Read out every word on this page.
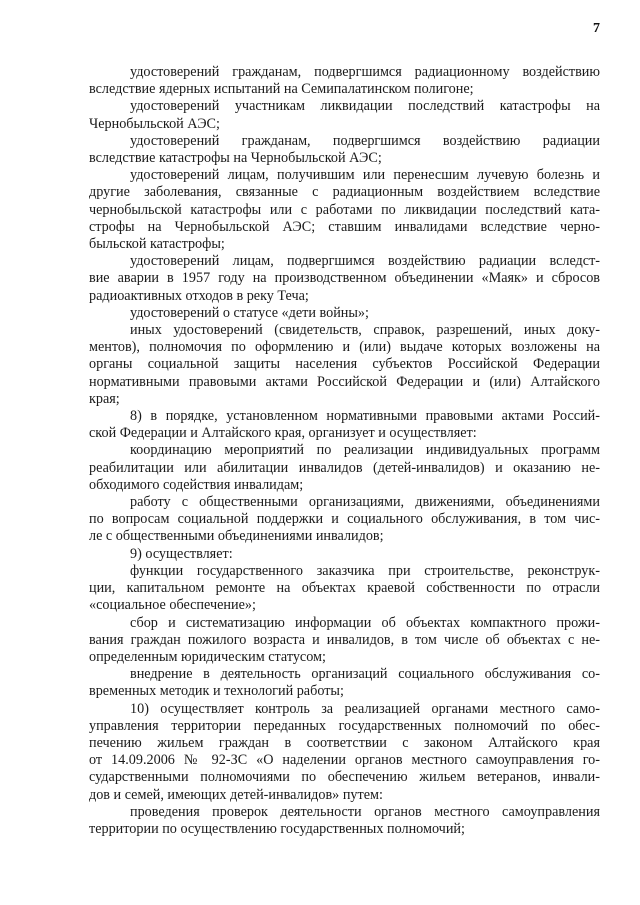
7
удостоверений гражданам, подвергшимся радиационному воздействию
вследствие ядерных испытаний на Семипалатинском полигоне;
удостоверений участникам ликвидации последствий катастрофы на
Чернобыльской АЭС;
удостоверений гражданам, подвергшимся воздействию радиации
вследствие катастрофы на Чернобыльской АЭС;
удостоверений лицам, получившим или перенесшим лучевую болезнь и
другие заболевания, связанные с радиационным воздействием вследствие
чернобыльской катастрофы или с работами по ликвидации последствий ката-
строфы на Чернобыльской АЭС; ставшим инвалидами вследствие черно-
быльской катастрофы;
удостоверений лицам, подвергшимся воздействию радиации вследст-
вие аварии в 1957 году на производственном объединении «Маяк» и сбросов
радиоактивных отходов в реку Теча;
удостоверений о статусе «дети войны»;
иных удостоверений (свидетельств, справок, разрешений, иных доку-
ментов), полномочия по оформлению и (или) выдаче которых возложены на
органы социальной защиты населения субъектов Российской Федерации
нормативными правовыми актами Российской Федерации и (или) Алтайского
края;
8) в порядке, установленном нормативными правовыми актами Россий-
ской Федерации и Алтайского края, организует и осуществляет:
координацию мероприятий по реализации индивидуальных программ
реабилитации или абилитации инвалидов (детей-инвалидов) и оказанию не-
обходимого содействия инвалидам;
работу с общественными организациями, движениями, объединениями
по вопросам социальной поддержки и социального обслуживания, в том чис-
ле с общественными объединениями инвалидов;
9) осуществляет:
функции государственного заказчика при строительстве, реконструк-
ции, капитальном ремонте на объектах краевой собственности по отрасли
«социальное обеспечение»;
сбор и систематизацию информации об объектах компактного прожи-
вания граждан пожилого возраста и инвалидов, в том числе об объектах с не-
определенным юридическим статусом;
внедрение в деятельность организаций социального обслуживания со-
временных методик и технологий работы;
10) осуществляет контроль за реализацией органами местного само-
управления территории переданных государственных полномочий по обес-
печению жильем граждан в соответствии с законом Алтайского края
от 14.09.2006 № 92-ЗС «О наделении органов местного самоуправления го-
сударственными полномочиями по обеспечению жильем ветеранов, инвали-
дов и семей, имеющих детей-инвалидов» путем:
проведения проверок деятельности органов местного самоуправления
территории по осуществлению государственных полномочий;
